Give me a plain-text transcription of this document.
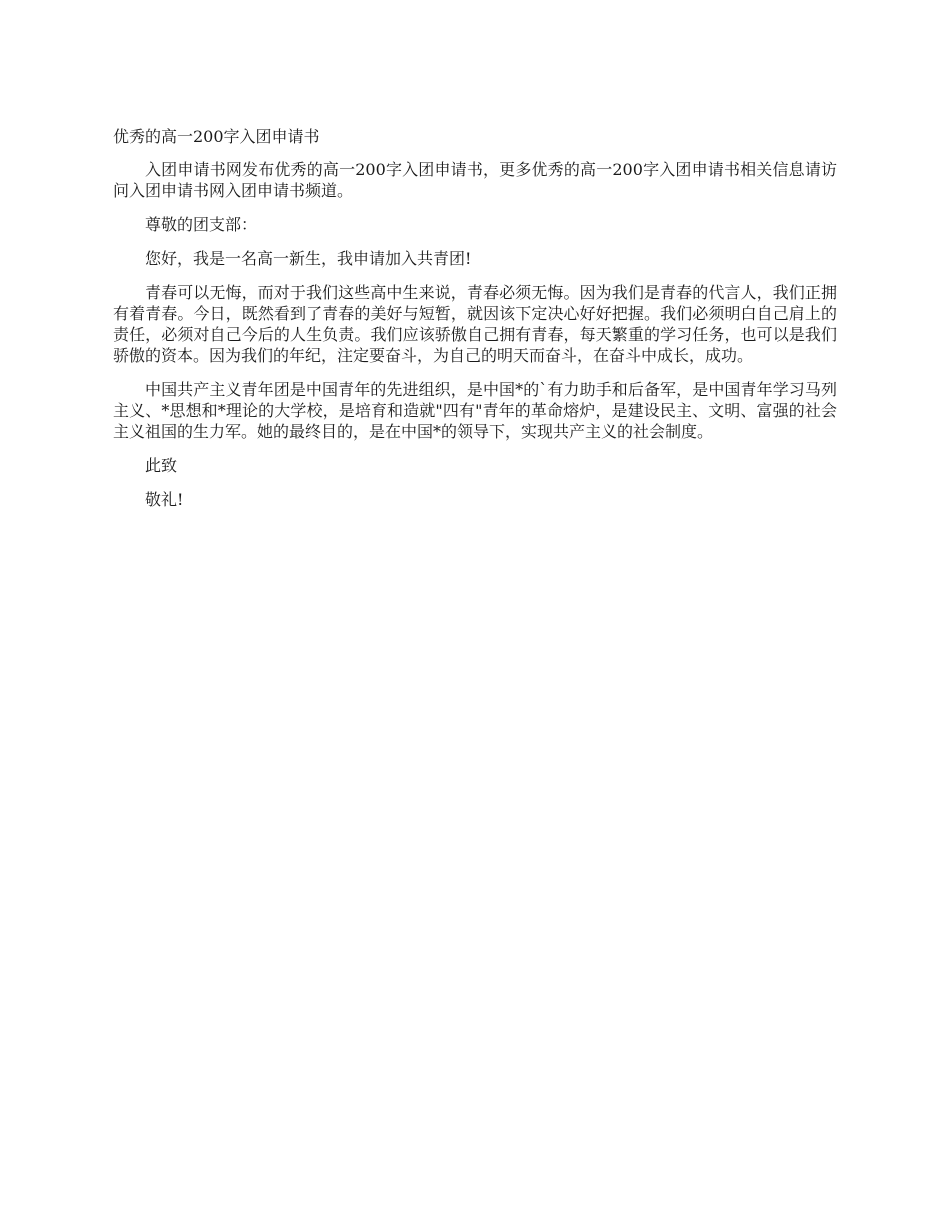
优秀的高一200字入团申请书

入团申请书网发布优秀的高一200字入团申请书，更多优秀的高一200字入团申请书相关信息请访问入团申请书网入团申请书频道。

尊敬的团支部：

您好，我是一名高一新生，我申请加入共青团!

青春可以无悔，而对于我们这些高中生来说，青春必须无悔。因为我们是青春的代言人，我们正拥有着青春。今日，既然看到了青春的美好与短暂，就因该下定决心好好把握。我们必须明白自己肩上的责任，必须对自己今后的人生负责。我们应该骄傲自己拥有青春，每天繁重的学习任务，也可以是我们骄傲的资本。因为我们的年纪，注定要奋斗，为自己的明天而奋斗，在奋斗中成长，成功。

中国共产主义青年团是中国青年的先进组织，是中国*的`有力助手和后备军，是中国青年学习马列主义、*思想和*理论的大学校，是培育和造就"四有"青年的革命熔炉，是建设民主、文明、富强的社会主义祖国的生力军。她的最终目的，是在中国*的领导下，实现共产主义的社会制度。

此致

敬礼!
